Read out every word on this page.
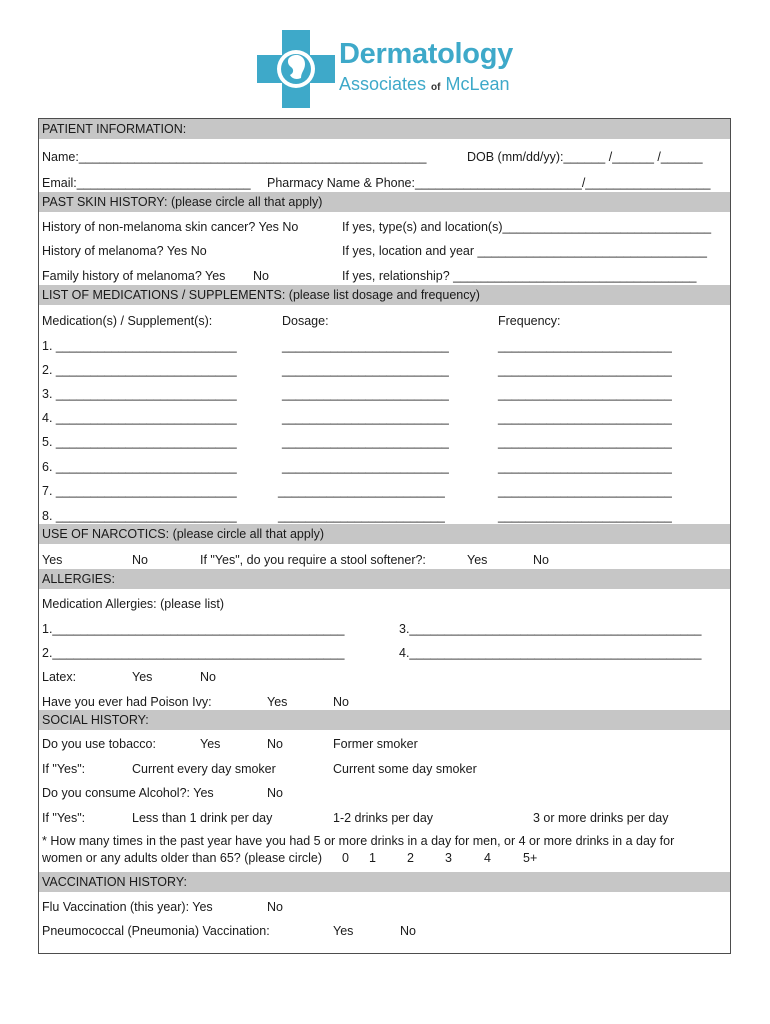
Dermatology
Associates of McLean
PATIENT INFORMATION:
Name:__________________________________________________	DOB (mm/dd/yy):______ /______ /______
Email:_________________________ Pharmacy Name & Phone:________________________/__________________
PAST SKIN HISTORY: (please circle all that apply)
History of non-melanoma skin cancer? Yes No	If yes, type(s) and location(s)______________________________
History of melanoma? Yes No	If yes, location and year _________________________________
Family history of melanoma? Yes No	If yes, relationship? ___________________________________
LIST OF MEDICATIONS / SUPPLEMENTS: (please list dosage and frequency)
Medication(s) / Supplement(s):	Dosage:	Frequency:
1. __________________________	________________________	_________________________
2. __________________________	________________________	_________________________
3. __________________________	________________________	_________________________
4. __________________________	________________________	_________________________
5. __________________________	________________________	_________________________
6. __________________________	________________________	_________________________
7. __________________________	________________________	_________________________
8. __________________________	________________________	_________________________
USE OF NARCOTICS: (please circle all that apply)
Yes	No	If "Yes", do you require a stool softener?:	Yes	No
ALLERGIES:
Medication Allergies: (please list)
1.__________________________________________	3.__________________________________________
2.__________________________________________	4.__________________________________________
Latex:	Yes	No
Have you ever had Poison Ivy:	Yes	No
SOCIAL HISTORY:
Do you use tobacco:	Yes	No	Former smoker
If "Yes":	Current every day smoker	Current some day smoker
Do you consume Alcohol?: Yes	No
If "Yes":	Less than 1 drink per day	1-2 drinks per day	3 or more drinks per day
* How many times in the past year have you had 5 or more drinks in a day for men, or 4 or more drinks in a day for
women or any adults older than 65? (please circle) 0 1 2 3	4	5+
VACCINATION HISTORY:
Flu Vaccination (this year): Yes	No
Pneumococcal (Pneumonia) Vaccination:	Yes	No
